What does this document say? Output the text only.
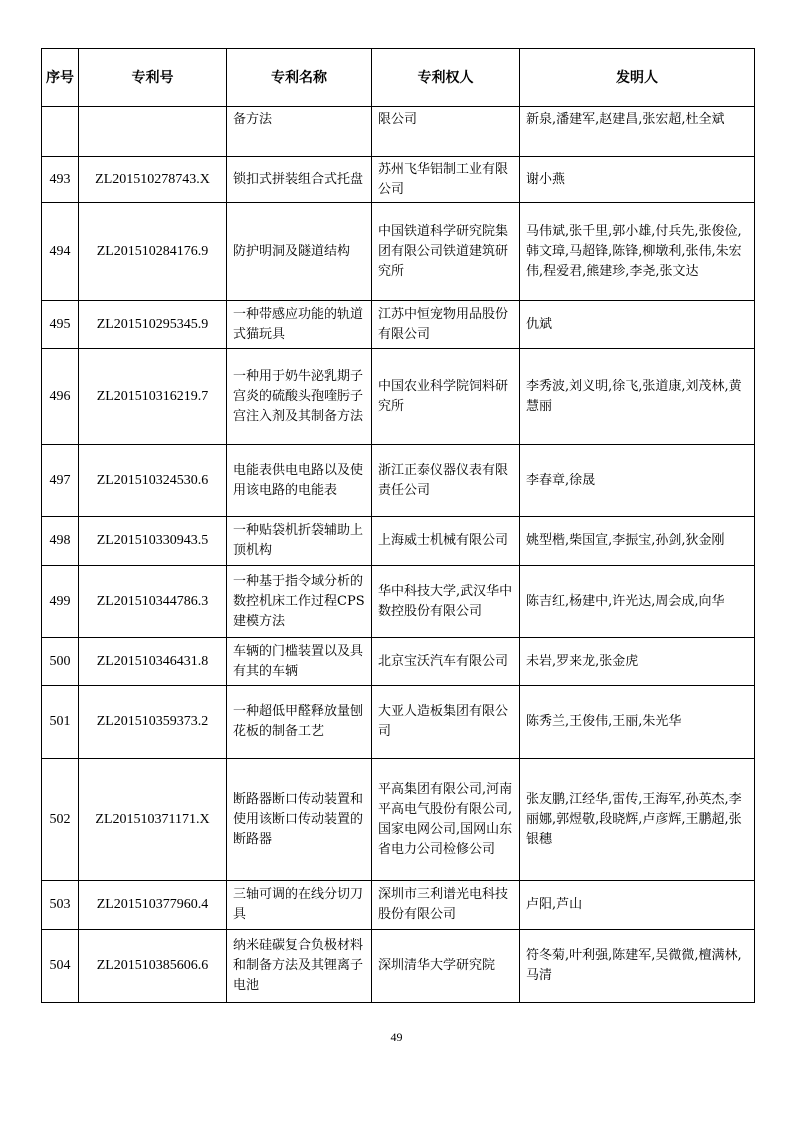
序号	专利号	专利名称	专利权人	发明人
		备方法	限公司	新泉,潘建军,赵建昌,张宏超,杜全斌
493	ZL201510278743.X	锁扣式拼装组合式托盘	苏州飞华铝制工业有限公司	谢小燕
494	ZL201510284176.9	防护明洞及隧道结构	中国铁道科学研究院集团有限公司铁道建筑研究所	马伟斌,张千里,郭小雄,付兵先,张俊俭,韩文璋,马超锋,陈锋,柳墩利,张伟,朱宏伟,程爱君,熊建珍,李尧,张文达
495	ZL201510295345.9	一种带感应功能的轨道式猫玩具	江苏中恒宠物用品股份有限公司	仇斌
496	ZL201510316219.7	一种用于奶牛泌乳期子宫炎的硫酸头孢喹肟子宫注入剂及其制备方法	中国农业科学院饲料研究所	李秀波,刘义明,徐飞,张道康,刘茂林,黄慧丽
497	ZL201510324530.6	电能表供电电路以及使用该电路的电能表	浙江正泰仪器仪表有限责任公司	李春章,徐晟
498	ZL201510330943.5	一种贴袋机折袋辅助上顶机构	上海威士机械有限公司	姚型楷,柴国宣,李振宝,孙剑,狄金刚
499	ZL201510344786.3	一种基于指令域分析的数控机床工作过程CPS建模方法	华中科技大学,武汉华中数控股份有限公司	陈吉红,杨建中,许光达,周会成,向华
500	ZL201510346431.8	车辆的门槛装置以及具有其的车辆	北京宝沃汽车有限公司	未岩,罗来龙,张金虎
501	ZL201510359373.2	一种超低甲醛释放量刨花板的制备工艺	大亚人造板集团有限公司	陈秀兰,王俊伟,王丽,朱光华
502	ZL201510371171.X	断路器断口传动装置和使用该断口传动装置的断路器	平高集团有限公司,河南平高电气股份有限公司,国家电网公司,国网山东省电力公司检修公司	张友鹏,江经华,雷传,王海军,孙英杰,李丽娜,郭煜敬,段晓辉,卢彦辉,王鹏超,张银穗
503	ZL201510377960.4	三轴可调的在线分切刀具	深圳市三利谱光电科技股份有限公司	卢阳,芦山
504	ZL201510385606.6	纳米硅碳复合负极材料和制备方法及其锂离子电池	深圳清华大学研究院	符冬菊,叶利强,陈建军,吴微微,檀满林,马清
49
